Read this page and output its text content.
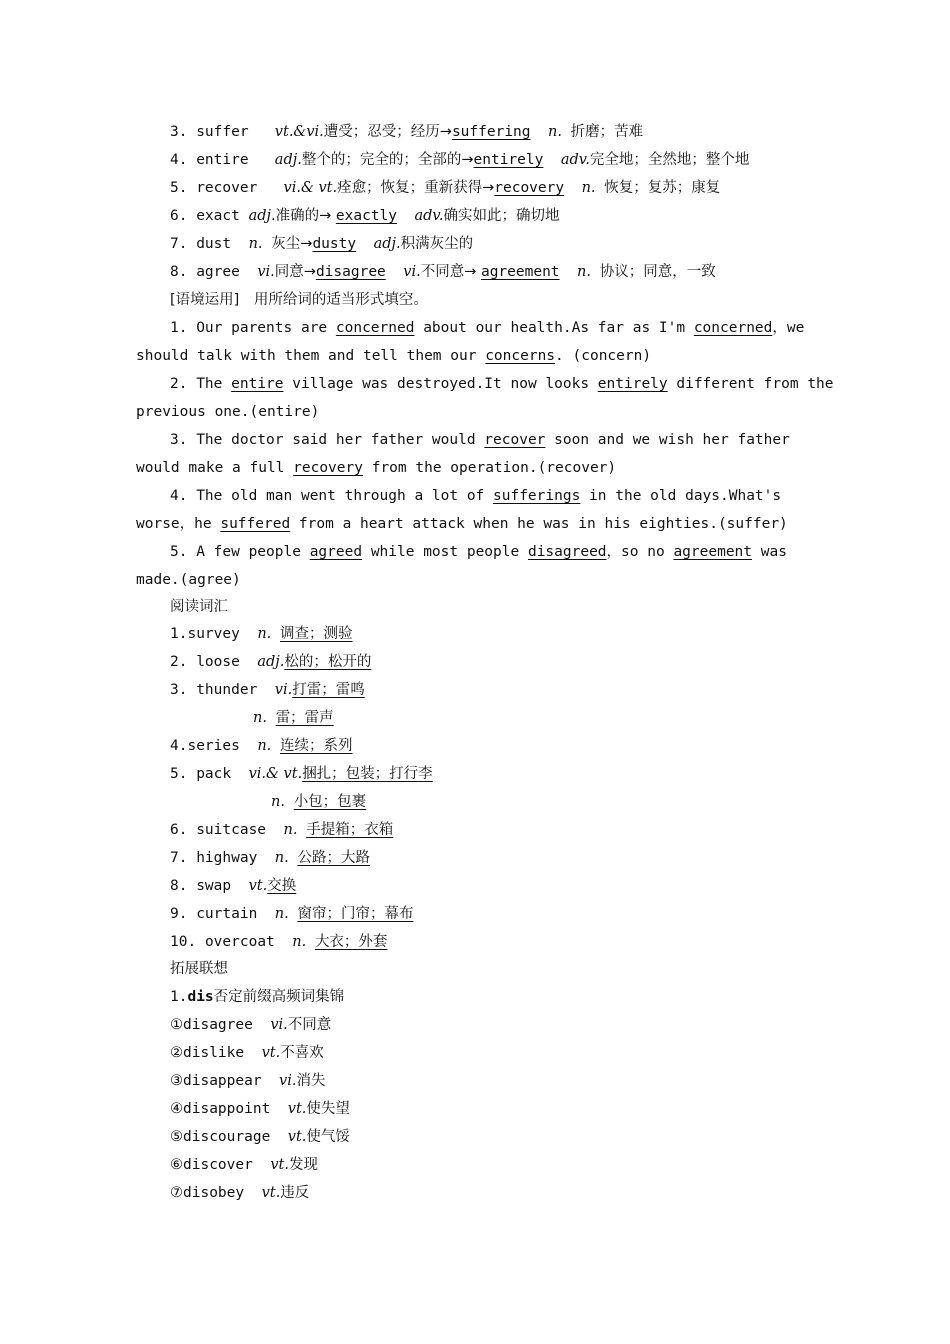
3. suffer vt.&vi.遭受；忍受；经历→suffering n. 折磨；苦难
4. entire adj.整个的；完全的；全部的→entirely adv.完全地；全然地；整个地
5. recover vi.& vt.痊愈；恢复；重新获得→recovery n. 恢复；复苏；康复
6. exact adj.准确的→ exactly adv.确实如此；确切地
7. dust n. 灰尘→dusty adj.积满灰尘的
8. agree vi.同意→disagree vi.不同意→ agreement n. 协议；同意，一致
[语境运用]　用所给词的适当形式填空。
1. Our parents are concerned about our health.As far as I'm concerned，we
should talk with them and tell them our concerns. (concern)
2. The entire village was destroyed.It now looks entirely different from the
previous one.(entire)
3. The doctor said her father would recover soon and we wish her father
would make a full recovery from the operation.(recover)
4. The old man went through a lot of sufferings in the old days.What's
worse，he suffered from a heart attack when he was in his eighties.(suffer)
5. A few people agreed while most people disagreed，so no agreement was
made.(agree)
阅读词汇
1.survey n. 调查；测验
2. loose adj.松的；松开的
3. thunder vi.打雷；雷鸣
n. 雷；雷声
4.series n. 连续；系列
5. pack vi.& vt.捆扎；包装；打行李
n. 小包；包裹
6. suitcase n. 手提箱；衣箱
7. highway n. 公路；大路
8. swap vt.交换
9. curtain n. 窗帘；门帘；幕布
10. overcoat n. 大衣；外套
拓展联想
1.dis否定前缀高频词集锦
①disagree vi.不同意
②dislike vt.不喜欢
③disappear vi.消失
④disappoint vt.使失望
⑤discourage vt.使气馁
⑥discover vt.发现
⑦disobey vt.违反
